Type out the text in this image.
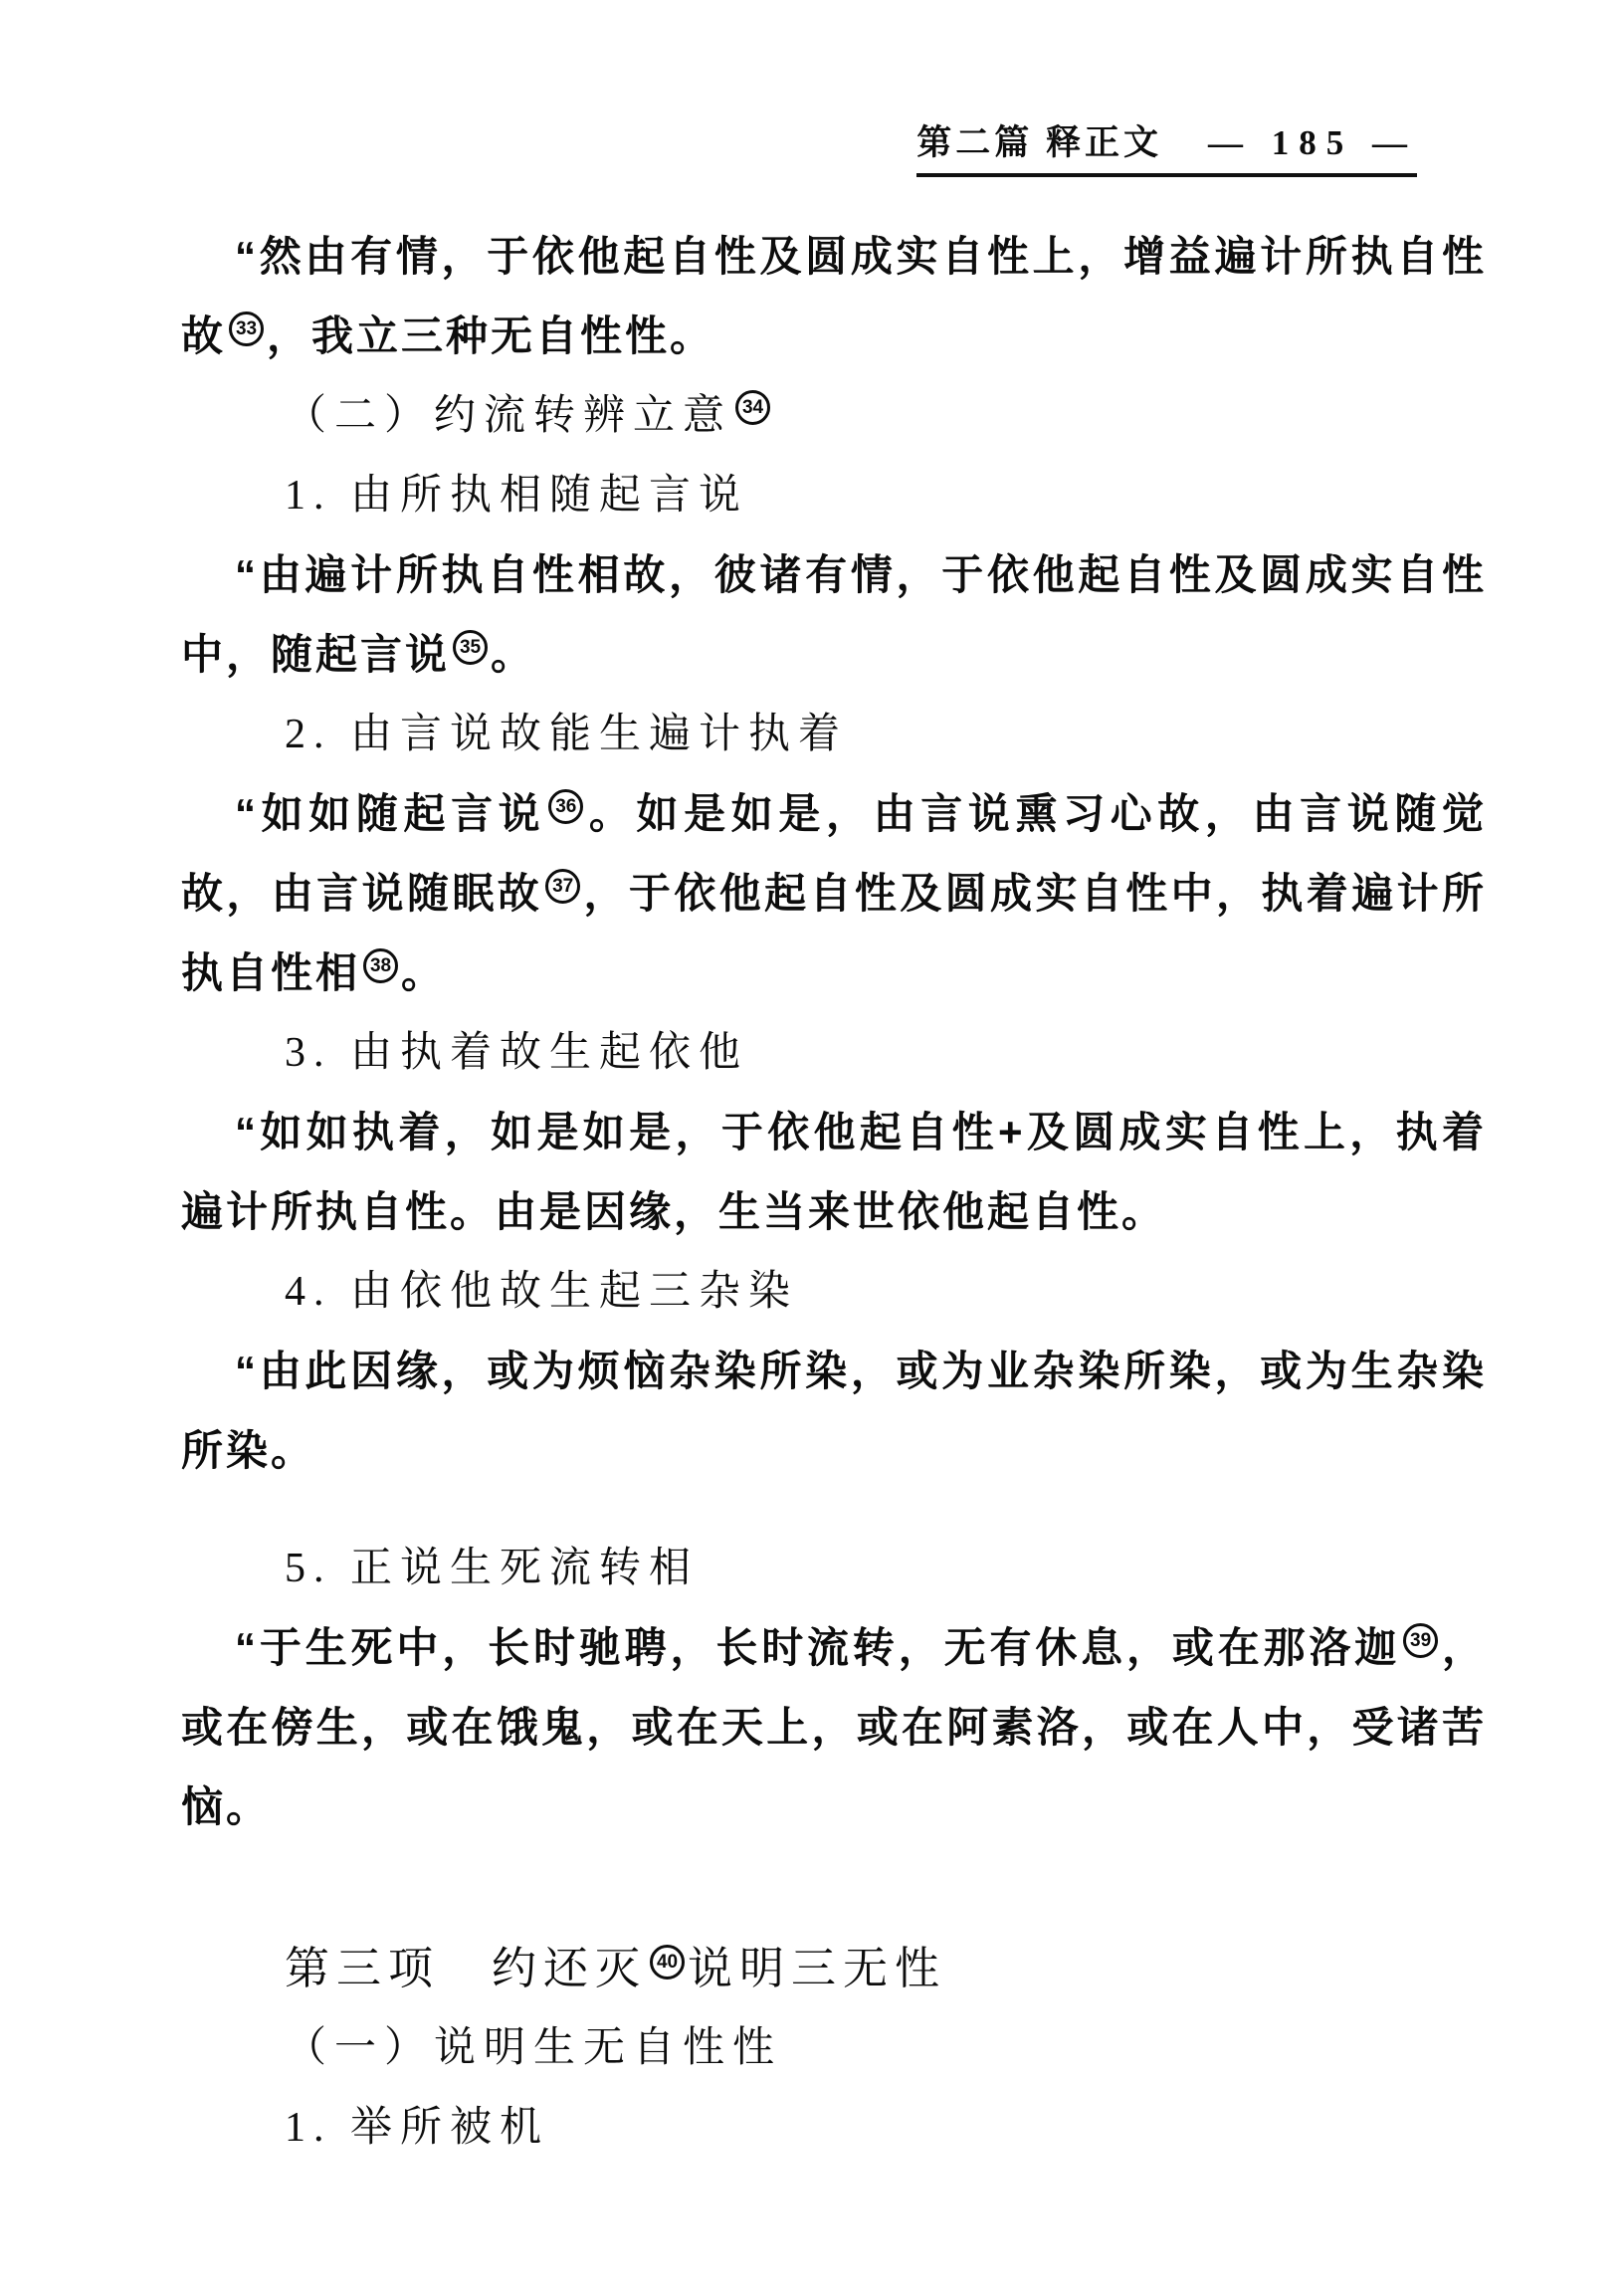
第二篇 释正文 — 185 —

“然由有情，于依他起自性及圆成实自性上，增益遍计所执自性故 33 ，我立三种无自性性。

（二）约流转辨立意 34

1. 由所执相随起言说

“由遍计所执自性相故，彼诸有情，于依他起自性及圆成实自性中，随起言说 35 。

2. 由言说故能生遍计执着

“如如随起言说 36 。如是如是，由言说熏习心故，由言说随觉故，由言说随眠故 37 ，于依他起自性及圆成实自性中，执着遍计所执自性相 38 。

3. 由执着故生起依他

“如如执着，如是如是，于依他起自性+及圆成实自性上，执着遍计所执自性。由是因缘，生当来世依他起自性。

4. 由依他故生起三杂染

“由此因缘，或为烦恼杂染所染，或为业杂染所染，或为生杂染所染。

5. 正说生死流转相

“于生死中，长时驰聘，长时流转，无有休息，或在那洛迦 39 ，或在傍生，或在饿鬼，或在天上，或在阿素洛，或在人中，受诸苦恼。

第三项　约还灭 40 说明三无性

（一）说明生无自性性

1. 举所被机
